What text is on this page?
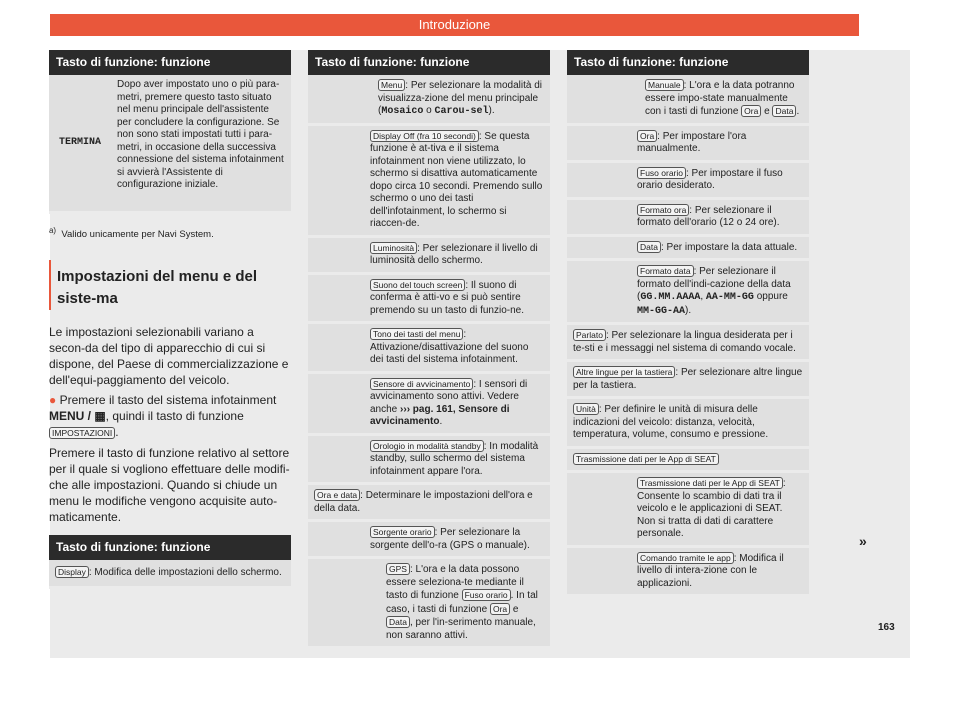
Introduzione
Tasto di funzione: funzione
TERMINA
Dopo aver impostato uno o più para-metri, premere questo tasto situato nel menu principale dell'assistente per concludere la configurazione. Se non sono stati impostati tutti i para-metri, in occasione della successiva connessione del sistema infotainment si avvierà l'Assistente di configurazione iniziale.
$^{a)}$ Valido unicamente per Navi System.

Impostazioni del menu e del siste-ma

Le impostazioni selezionabili variano a secon-da del tipo di apparecchio di cui si dispone, del Paese di commercializzazione e dell'equi-paggiamento del veicolo.

● Premere il tasto del sistema infotainment MENU / ▦, quindi il tasto di funzione IMPOSTAZIONI .

Premere il tasto di funzione relativo al settore per il quale si vogliono effettuare delle modifi-che alle impostazioni. Quando si chiude un menu le modifiche vengono acquisite auto-maticamente.

Tasto di funzione: funzione
Display : Modifica delle impostazioni dello schermo.
Tasto di funzione: funzione
Menu : Per selezionare la modalità di visualizza-zione del menu principale (Mosaico o Carou-sel).
Display Off (fra 10 secondi) : Se questa funzione è at-tiva e il sistema infotainment non viene utilizzato, lo schermo si disattiva automaticamente dopo circa 10 secondi. Premendo sullo schermo o uno dei tasti dell'infotainment, lo schermo si riaccen-de.
Luminosità : Per selezionare il livello di luminosità dello schermo.
Suono del touch screen : Il suono di conferma è atti-vo e si può sentire premendo su un tasto di funzio-ne.
Tono dei tasti del menu : Attivazione/disattivazione del suono dei tasti del sistema infotainment.
Sensore di avvicinamento : I sensori di avvicinamento sono attivi. Vedere anche ››› pag. 161, Sensore di avvicinamento.
Orologio in modalità standby : In modalità standby, sullo schermo del sistema infotainment appare l'ora.
Ora e data : Determinare le impostazioni dell'ora e della data.
Sorgente orario : Per selezionare la sorgente dell'o-ra (GPS o manuale).
GPS : L'ora e la data possono essere seleziona-te mediante il tasto di funzione Fuso orario . In tal caso, i tasti di funzione Ora e Data , per l'in-serimento manuale, non saranno attivi.
Tasto di funzione: funzione
Manuale : L'ora e la data potranno essere impo-state manualmente con i tasti di funzione Ora e Data .
Ora : Per impostare l'ora manualmente.
Fuso orario : Per impostare il fuso orario desiderato.
Formato ora : Per selezionare il formato dell'orario (12 o 24 ore).
Data : Per impostare la data attuale.
Formato data : Per selezionare il formato dell'indi-cazione della data (GG.MM.AAAA, AA-MM-GG oppure MM-GG-AA).
Parlato : Per selezionare la lingua desiderata per i te-sti e i messaggi nel sistema di comando vocale.
Altre lingue per la tastiera : Per selezionare altre lingue per la tastiera.
Unità : Per definire le unità di misura delle indicazioni del veicolo: distanza, velocità, temperatura, volume, consumo e pressione.
Trasmissione dati per le App di SEAT
Trasmissione dati per le App di SEAT : Consente lo scambio di dati tra il veicolo e le applicazioni di SEAT. Non si tratta di dati di carattere personale.
Comando tramite le app : Modifica il livello di intera-zione con le applicazioni.
»
163
